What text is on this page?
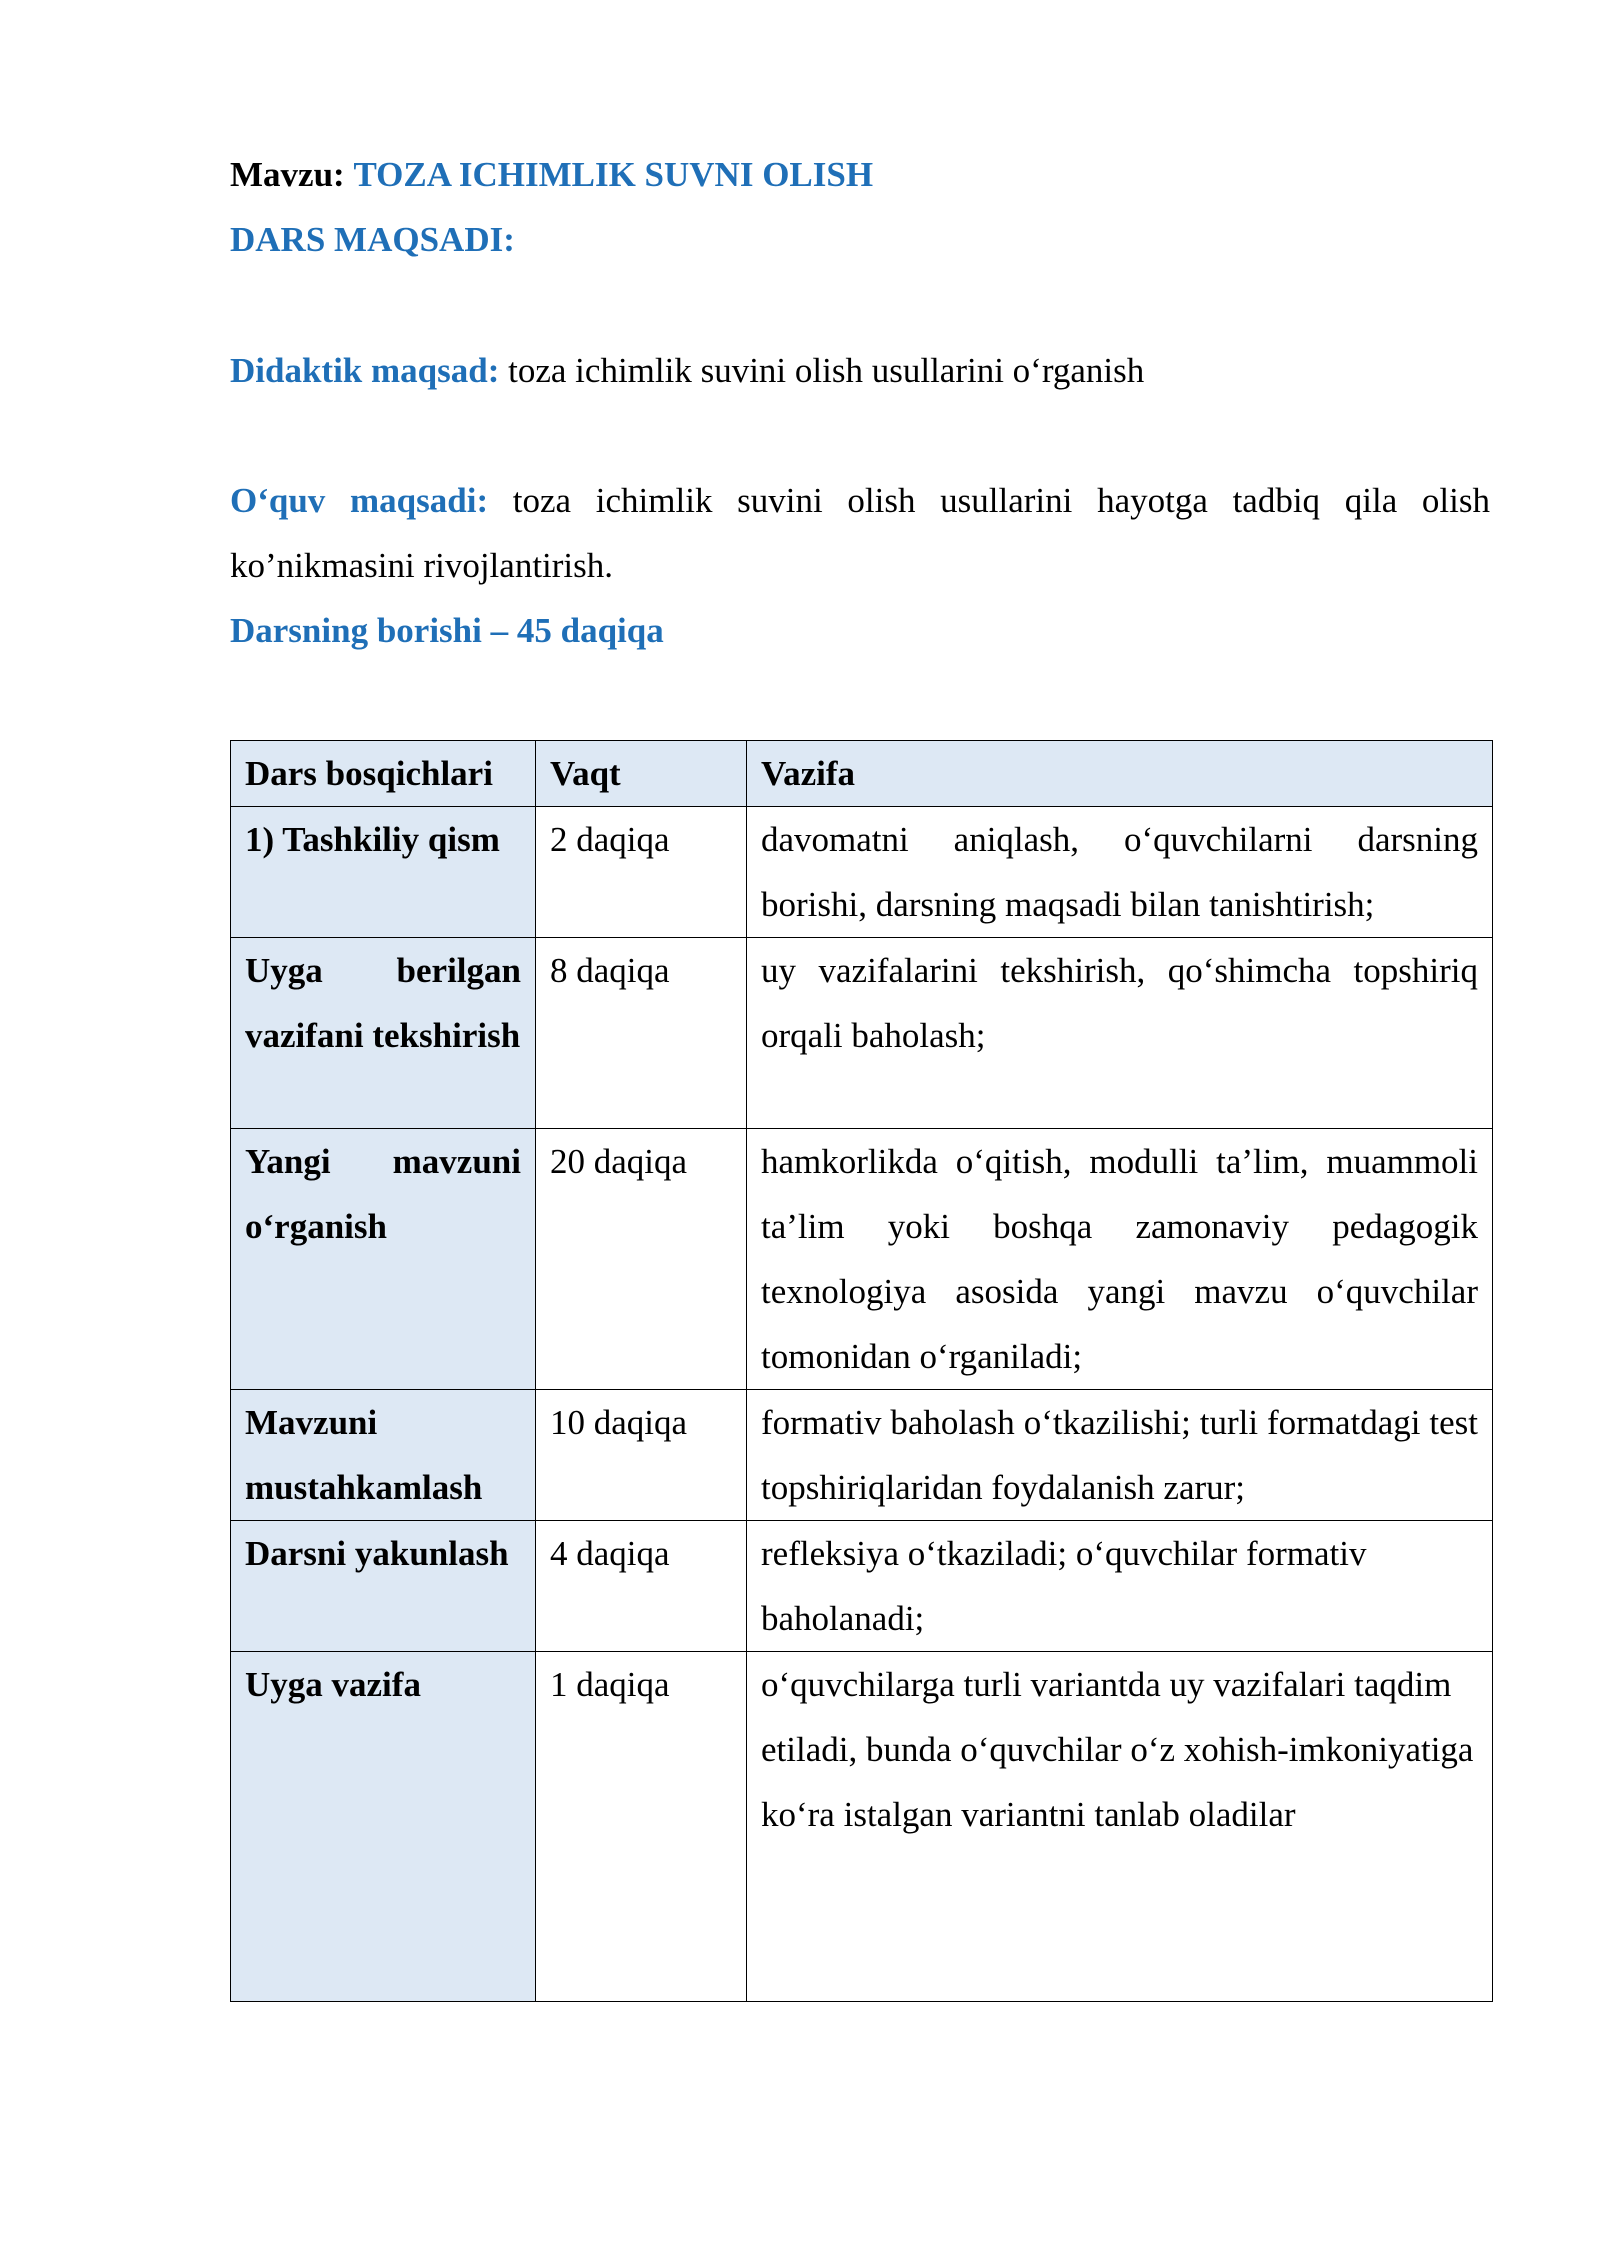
Mavzu: TOZA ICHIMLIK SUVNI OLISH
DARS MAQSADI:
Didaktik maqsad: toza ichimlik suvini olish usullarini o‘rganish
O‘quv maqsadi: toza ichimlik suvini olish usullarini hayotga tadbiq qila olish ko’nikmasini rivojlantirish.
Darsning borishi – 45 daqiqa
Dars bosqichlari	Vaqt	Vazifa
1) Tashkiliy qism	2 daqiqa	davomatni aniqlash, o‘quvchilarni darsning borishi, darsning maqsadi bilan tanishtirish;
Uyga berilgan vazifani tekshirish	8 daqiqa	uy vazifalarini tekshirish, qo‘shimcha topshiriq orqali baholash;
Yangi mavzuni o‘rganish	20 daqiqa	hamkorlikda o‘qitish, modulli ta’lim, muammoli ta’lim yoki boshqa zamonaviy pedagogik texnologiya asosida yangi mavzu o‘quvchilar tomonidan o‘rganiladi;
Mavzuni mustahkamlash	10 daqiqa	formativ baholash o‘tkazilishi; turli formatdagi test topshiriqlaridan foydalanish zarur;
Darsni yakunlash	4 daqiqa	refleksiya o‘tkaziladi; o‘quvchilar formativ baholanadi;
Uyga vazifa	1 daqiqa	o‘quvchilarga turli variantda uy vazifalari taqdim etiladi, bunda o‘quvchilar o‘z xohish-imkoniyatiga ko‘ra istalgan variantni tanlab oladilar
